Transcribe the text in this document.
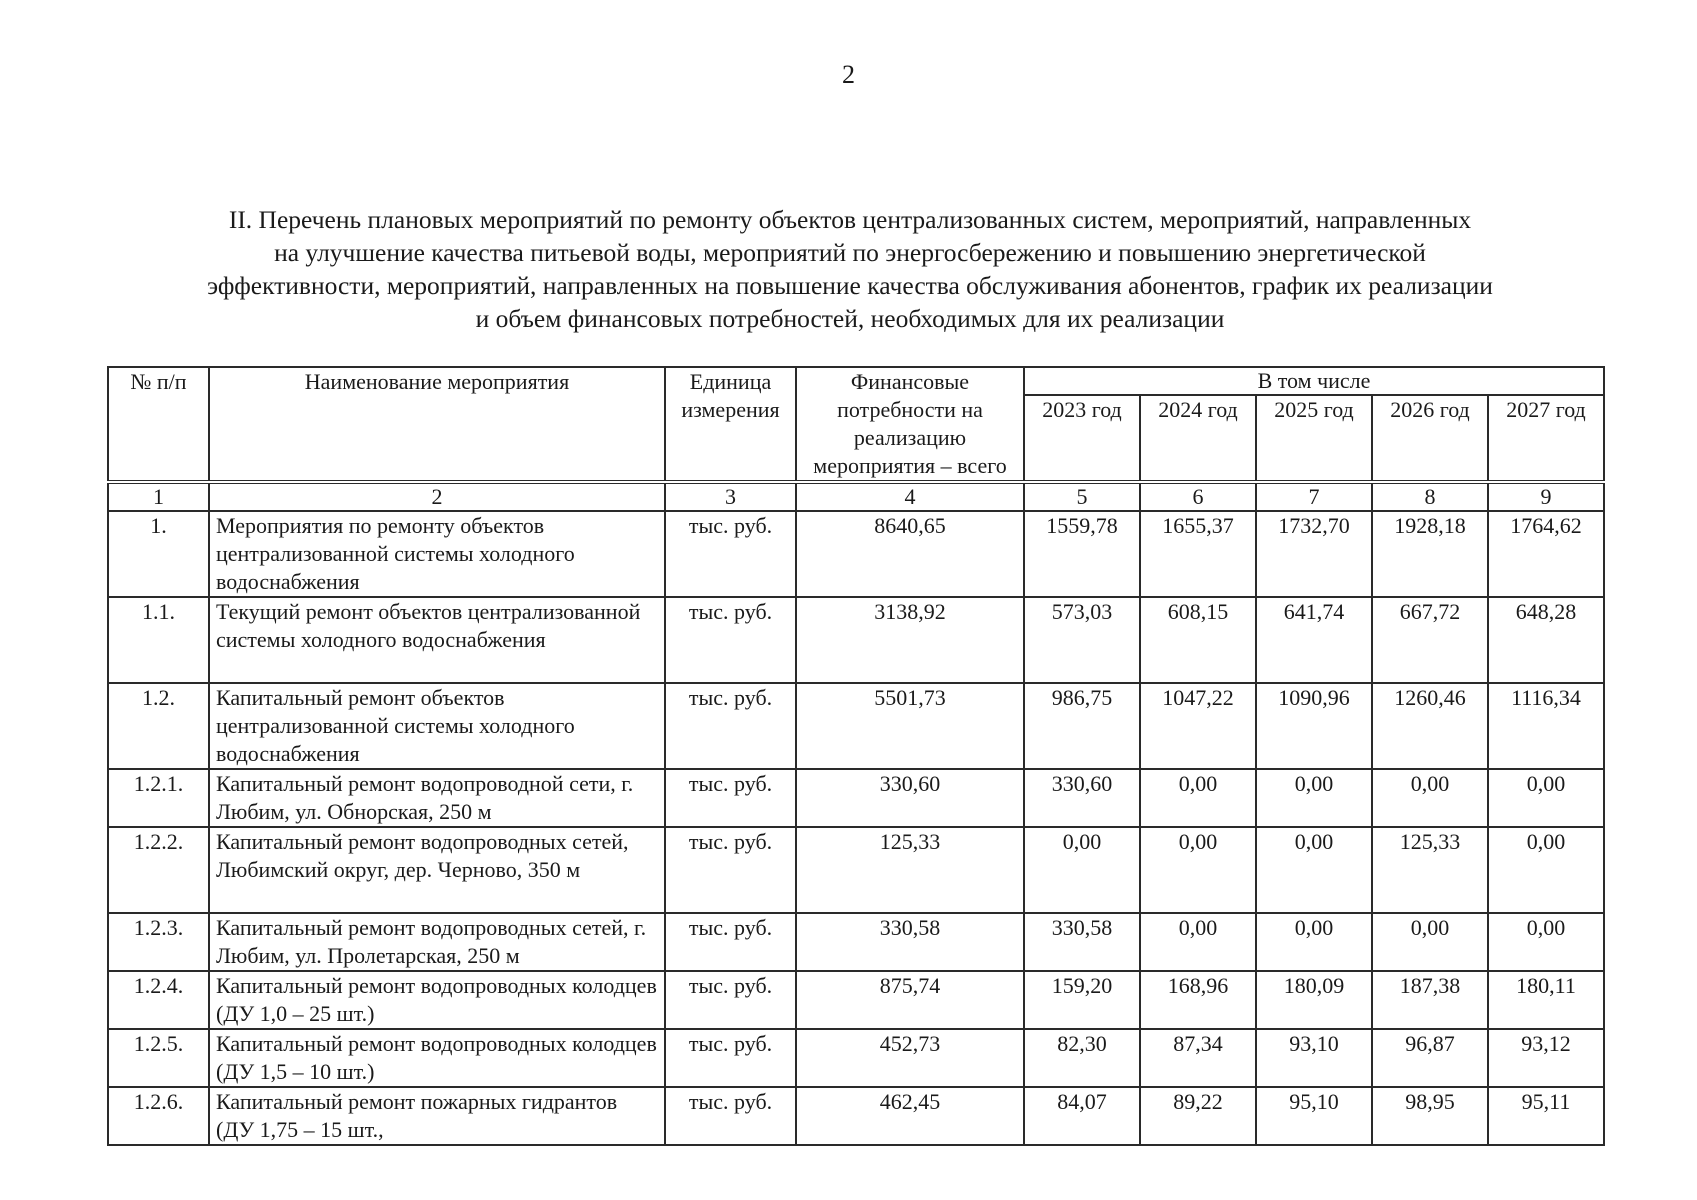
2
II. Перечень плановых мероприятий по ремонту объектов централизованных систем, мероприятий, направленных
на улучшение качества питьевой воды, мероприятий по энергосбережению и повышению энергетической
эффективности, мероприятий, направленных на повышение качества обслуживания абонентов, график их реализации
и объем финансовых потребностей, необходимых для их реализации
№ п/п	Наименование мероприятия	Единица измерения	Финансовые потребности на реализацию мероприятия – всего	В том числе				
				2023 год	2024 год	2025 год	2026 год	2027 год
1	2	3	4	5	6	7	8	9
1.	Мероприятия по ремонту объектов централизованной системы холодного водоснабжения	тыс. руб.	8640,65	1559,78	1655,37	1732,70	1928,18	1764,62
1.1.	Текущий ремонт объектов централизованной системы холодного водоснабжения	тыс. руб.	3138,92	573,03	608,15	641,74	667,72	648,28
1.2.	Капитальный ремонт объектов централизованной системы холодного водоснабжения	тыс. руб.	5501,73	986,75	1047,22	1090,96	1260,46	1116,34
1.2.1.	Капитальный ремонт водопроводной сети, г. Любим, ул. Обнорская, 250 м	тыс. руб.	330,60	330,60	0,00	0,00	0,00	0,00
1.2.2.	Капитальный ремонт водопроводных сетей, Любимский округ, дер. Черново, 350 м	тыс. руб.	125,33	0,00	0,00	0,00	125,33	0,00
1.2.3.	Капитальный ремонт водопроводных сетей, г. Любим, ул. Пролетарская, 250 м	тыс. руб.	330,58	330,58	0,00	0,00	0,00	0,00
1.2.4.	Капитальный ремонт водопроводных колодцев (ДУ 1,0 – 25 шт.)	тыс. руб.	875,74	159,20	168,96	180,09	187,38	180,11
1.2.5.	Капитальный ремонт водопроводных колодцев (ДУ 1,5 – 10 шт.)	тыс. руб.	452,73	82,30	87,34	93,10	96,87	93,12
1.2.6.	Капитальный ремонт пожарных гидрантов (ДУ 1,75 – 15 шт.,	тыс. руб.	462,45	84,07	89,22	95,10	98,95	95,11
